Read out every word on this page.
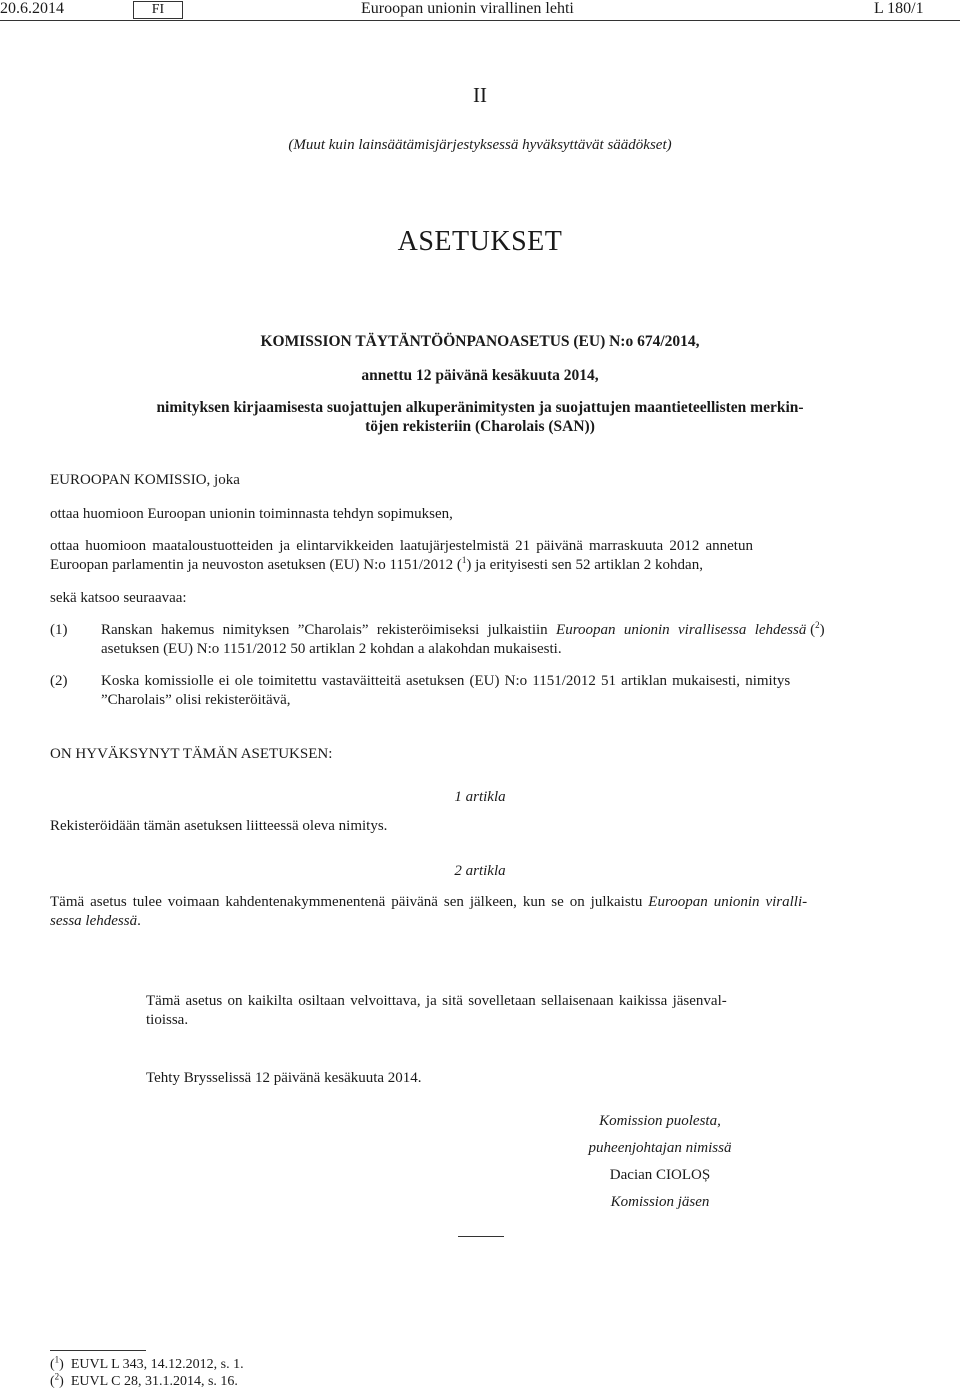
20.6.2014	FI	Euroopan unionin virallinen lehti	L 180/1
II
(Muut kuin lainsäätämisjärjestyksessä hyväksyttävät säädökset)
ASETUKSET
KOMISSION TÄYTÄNTÖÖNPANOASETUS (EU) N:o 674/2014,
annettu 12 päivänä kesäkuuta 2014,
nimityksen kirjaamisesta suojattujen alkuperänimitysten ja suojattujen maantieteellisten merkin-
töjen rekisteriin (Charolais (SAN))
EUROOPAN KOMISSIO, joka
ottaa huomioon Euroopan unionin toiminnasta tehdyn sopimuksen,
ottaa huomioon maataloustuotteiden ja elintarvikkeiden laatujärjestelmistä 21 päivänä marraskuuta 2012 annetun
Euroopan parlamentin ja neuvoston asetuksen (EU) N:o 1151/2012 ($^1$) ja erityisesti sen 52 artiklan 2 kohdan,
sekä katsoo seuraavaa:
(1) Ranskan hakemus nimityksen ”Charolais” rekisteröimiseksi julkaistiin Euroopan unionin virallisessa lehdessä ($^2$)
asetuksen (EU) N:o 1151/2012 50 artiklan 2 kohdan a alakohdan mukaisesti.
(2) Koska komissiolle ei ole toimitettu vastaväitteitä asetuksen (EU) N:o 1151/2012 51 artiklan mukaisesti, nimitys
”Charolais” olisi rekisteröitävä,
ON HYVÄKSYNYT TÄMÄN ASETUKSEN:
1 artikla
Rekisteröidään tämän asetuksen liitteessä oleva nimitys.
2 artikla
Tämä asetus tulee voimaan kahdentenakymmenentenä päivänä sen jälkeen, kun se on julkaistu Euroopan unionin viralli-
sessa lehdessä.
Tämä asetus on kaikilta osiltaan velvoittava, ja sitä sovelletaan sellaisenaan kaikissa jäsenval-
tioissa.
Tehty Brysselissä 12 päivänä kesäkuuta 2014.
Komission puolesta,
puheenjohtajan nimissä
Dacian CIOLOȘ
Komission jäsen
($^1$)  EUVL L 343, 14.12.2012, s. 1.
($^2$)  EUVL C 28, 31.1.2014, s. 16.
